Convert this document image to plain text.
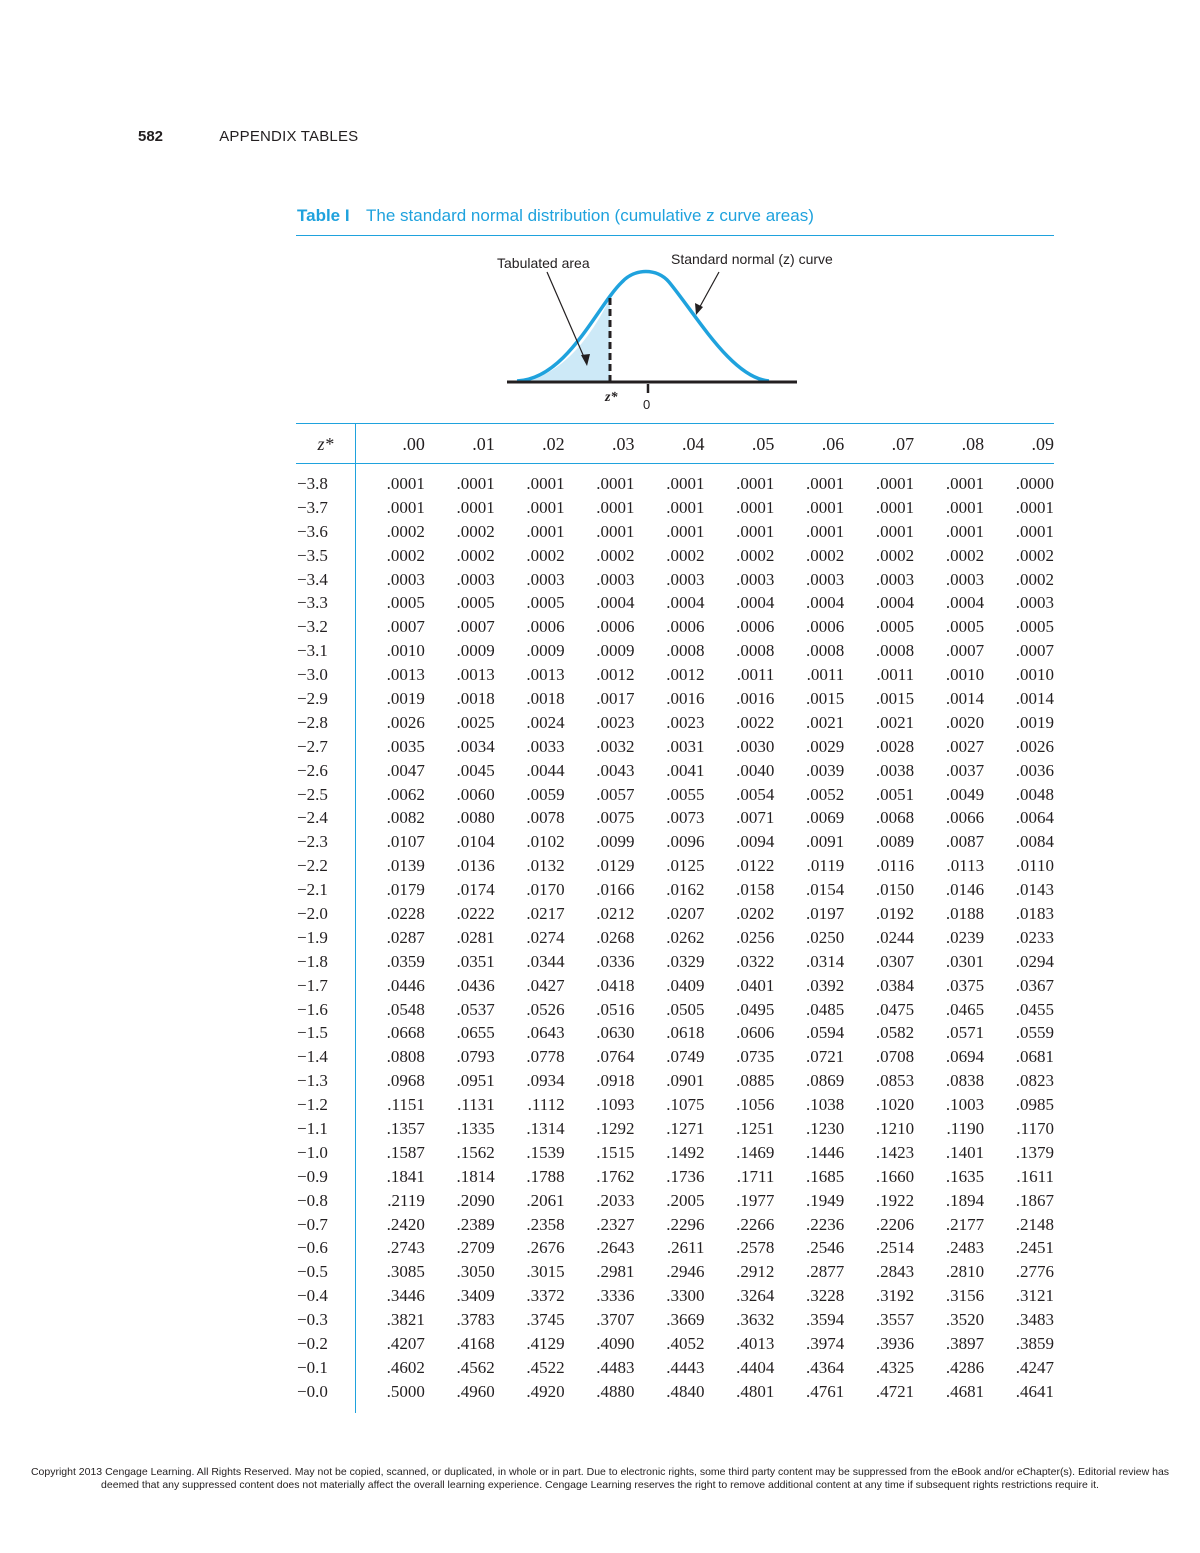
582	APPENDIX TABLES
Table I The standard normal distribution (cumulative z curve areas)
Tabulated area	Standard normal (z) curve
z* 0
z*	.00	.01	.02	.03	.04	.05	.06	.07	.08	.09
−3.8	.0001	.0001	.0001	.0001	.0001	.0001	.0001	.0001	.0001	.0000
−3.7	.0001	.0001	.0001	.0001	.0001	.0001	.0001	.0001	.0001	.0001
−3.6	.0002	.0002	.0001	.0001	.0001	.0001	.0001	.0001	.0001	.0001
−3.5	.0002	.0002	.0002	.0002	.0002	.0002	.0002	.0002	.0002	.0002
−3.4	.0003	.0003	.0003	.0003	.0003	.0003	.0003	.0003	.0003	.0002
−3.3	.0005	.0005	.0005	.0004	.0004	.0004	.0004	.0004	.0004	.0003
−3.2	.0007	.0007	.0006	.0006	.0006	.0006	.0006	.0005	.0005	.0005
−3.1	.0010	.0009	.0009	.0009	.0008	.0008	.0008	.0008	.0007	.0007
−3.0	.0013	.0013	.0013	.0012	.0012	.0011	.0011	.0011	.0010	.0010
−2.9	.0019	.0018	.0018	.0017	.0016	.0016	.0015	.0015	.0014	.0014
−2.8	.0026	.0025	.0024	.0023	.0023	.0022	.0021	.0021	.0020	.0019
−2.7	.0035	.0034	.0033	.0032	.0031	.0030	.0029	.0028	.0027	.0026
−2.6	.0047	.0045	.0044	.0043	.0041	.0040	.0039	.0038	.0037	.0036
−2.5	.0062	.0060	.0059	.0057	.0055	.0054	.0052	.0051	.0049	.0048
−2.4	.0082	.0080	.0078	.0075	.0073	.0071	.0069	.0068	.0066	.0064
−2.3	.0107	.0104	.0102	.0099	.0096	.0094	.0091	.0089	.0087	.0084
−2.2	.0139	.0136	.0132	.0129	.0125	.0122	.0119	.0116	.0113	.0110
−2.1	.0179	.0174	.0170	.0166	.0162	.0158	.0154	.0150	.0146	.0143
−2.0	.0228	.0222	.0217	.0212	.0207	.0202	.0197	.0192	.0188	.0183
−1.9	.0287	.0281	.0274	.0268	.0262	.0256	.0250	.0244	.0239	.0233
−1.8	.0359	.0351	.0344	.0336	.0329	.0322	.0314	.0307	.0301	.0294
−1.7	.0446	.0436	.0427	.0418	.0409	.0401	.0392	.0384	.0375	.0367
−1.6	.0548	.0537	.0526	.0516	.0505	.0495	.0485	.0475	.0465	.0455
−1.5	.0668	.0655	.0643	.0630	.0618	.0606	.0594	.0582	.0571	.0559
−1.4	.0808	.0793	.0778	.0764	.0749	.0735	.0721	.0708	.0694	.0681
−1.3	.0968	.0951	.0934	.0918	.0901	.0885	.0869	.0853	.0838	.0823
−1.2	.1151	.1131	.1112	.1093	.1075	.1056	.1038	.1020	.1003	.0985
−1.1	.1357	.1335	.1314	.1292	.1271	.1251	.1230	.1210	.1190	.1170
−1.0	.1587	.1562	.1539	.1515	.1492	.1469	.1446	.1423	.1401	.1379
−0.9	.1841	.1814	.1788	.1762	.1736	.1711	.1685	.1660	.1635	.1611
−0.8	.2119	.2090	.2061	.2033	.2005	.1977	.1949	.1922	.1894	.1867
−0.7	.2420	.2389	.2358	.2327	.2296	.2266	.2236	.2206	.2177	.2148
−0.6	.2743	.2709	.2676	.2643	.2611	.2578	.2546	.2514	.2483	.2451
−0.5	.3085	.3050	.3015	.2981	.2946	.2912	.2877	.2843	.2810	.2776
−0.4	.3446	.3409	.3372	.3336	.3300	.3264	.3228	.3192	.3156	.3121
−0.3	.3821	.3783	.3745	.3707	.3669	.3632	.3594	.3557	.3520	.3483
−0.2	.4207	.4168	.4129	.4090	.4052	.4013	.3974	.3936	.3897	.3859
−0.1	.4602	.4562	.4522	.4483	.4443	.4404	.4364	.4325	.4286	.4247
−0.0	.5000	.4960	.4920	.4880	.4840	.4801	.4761	.4721	.4681	.4641
Copyright 2013 Cengage Learning. All Rights Reserved. May not be copied, scanned, or duplicated, in whole or in part. Due to electronic rights, some third party content may be suppressed from the eBook and/or eChapter(s). Editorial review has
deemed that any suppressed content does not materially affect the overall learning experience. Cengage Learning reserves the right to remove additional content at any time if subsequent rights restrictions require it.
